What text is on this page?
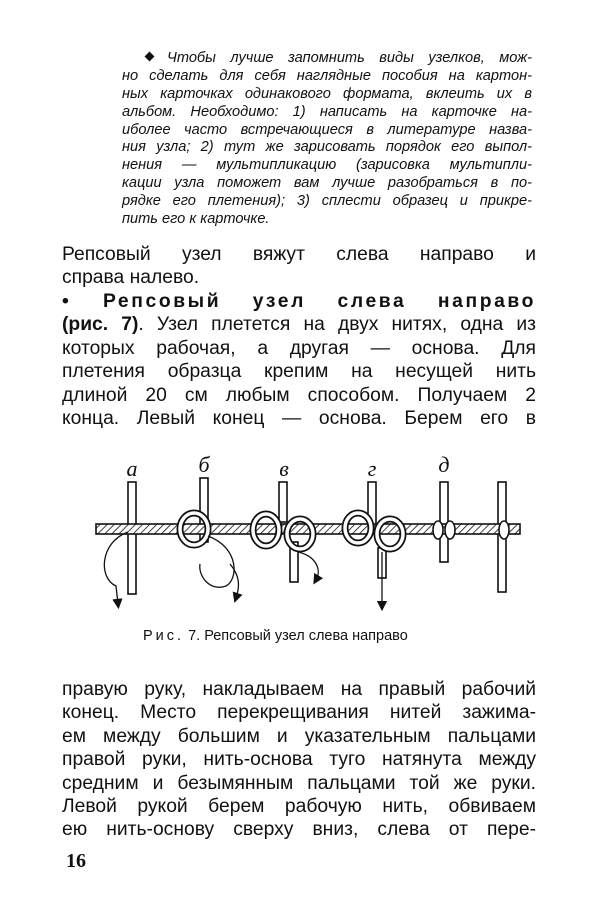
Чтобы лучше запомнить виды узелков, мож-
но сделать для себя наглядные пособия на картон-
ных карточках одинакового формата, вклеить их в
альбом. Необходимо: 1) написать на карточке на-
иболее часто встречающиеся в литературе назва-
ния узла; 2) тут же зарисовать порядок его выпол-
нения — мультипликацию (зарисовка мультипли-
кации узла поможет вам лучше разобраться в по-
рядке его плетения); 3) сплести образец и прикре-
пить его к карточке.
Репсовый узел вяжут слева направо и
справа налево.
• Репсовый узел слева направо
(рис. 7). Узел плетется на двух нитях, одна из
которых рабочая, а другая — основа. Для
плетения образца крепим на несущей нить
длиной 20 см любым способом. Получаем 2
конца. Левый конец — основа. Берем его в
а	б	в	г	д
Рис. 7. Репсовый узел слева направо
правую руку, накладываем на правый рабочий
конец. Место перекрещивания нитей зажима-
ем между большим и указательным пальцами
правой руки, нить-основа туго натянута между
средним и безымянным пальцами той же руки.
Левой рукой берем рабочую нить, обвиваем
ею нить-основу сверху вниз, слева от пере-
16
